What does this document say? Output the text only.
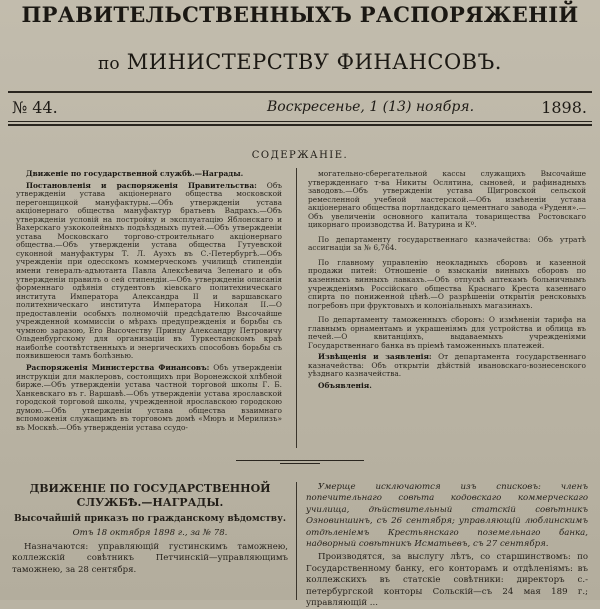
ПРАВИТЕЛЬСТВЕННЫХЪ РАСПОРЯЖЕНIЙ
по МИНИСТЕРСТВУ ФИНАНСОВЪ.
№ 44.	Воскресенье, 1 (13) ноября.	1898.
СОДЕРЖАНIЕ.

Движенiе по государственной службѣ.—Награды.

Постановленiя и распоряженiя Правительства: Объ утвержденiи устава акцiонернаго общества московской перегонщицкой мануфактуры.—Объ утвержденiи устава акцiонернаго общества мануфактур братьевъ Вадрахъ.—Объ утвержденiи условiй на постройку и эксплуатацiю Яблонскаго и Вахерскаго узкоколейныхъ подъѣздныхъ путей.—Объ утвержденiи устава Московскаго торгово-строительнаго акцiонернаго общества.—Объ утвержденiи устава общества Гутуевской суконной мануфактуры Т. Л. Ауэхъ въ С.-Петербургѣ.—Объ учрежденiи при одесскомъ коммерческомъ училищѣ стипендiи имени генералъ-адъютанта Павла Алексѣевича Зеленаго и объ утвержденiи правилъ о сей стипендiи.—Объ утвержденiи описанiя форменнаго одѣянiя студентовъ кiевскаго политехническаго института Императора Александра II и варшавскаго политехническаго института Императора Николая II.—О предоставленiи особыхъ полномочiй предсѣдателю Высочайше учрежденной коммиссiи о мѣрахъ предупрежденiя и борьбы съ чумною заразою, Его Высочеству Принцу Александру Петровичу Ольденбургскому для организацiи въ Туркестанскомъ краѣ наиболѣе соотвѣтственныхъ и энергическихъ способовъ борьбы съ появившеюся тамъ болѣзнью.

Распоряженiя Министерства Финансовъ: Объ утвержденiи инструкцiи для маклеровъ, состоящихъ при Воронежской хлѣбной бирже.—Объ утвержденiи устава частной торговой школы Г. Б. Ханкевскаго въ г. Варшавѣ.—Объ утвержденiи устава ярославской городской торговой школы, учрежденной ярославскою городскою думою.—Объ утвержденiи устава общества взаимнаго вспоможенiя служащимъ въ торговомъ домѣ «Мюръ и Мерилизъ» въ Москвѣ.—Объ утвержденiи устава ссудо-

могательно-сберегательной кассы служащихъ Высочайше утвержденнаго т-ва Никиты Ослятина, сыновей, и рафинадныхъ заводовъ.—Объ утвержденiи устава Щигровской сельской ремесленной учебной мастерской.—Объ измѣненiи устава акцiонернаго общества портландскаго цементнаго завода «Руденя».—Объ увеличенiи основного капитала товарищества Ростовскаго цикорнаго производства И. Ватурина и Кº.

По департаменту государственнаго казначейства: Объ утратѣ ассигнацiи за № 6,764.

По главному управленiю неокладныхъ сборовъ и казенной продажи питей: Отношенiе о взысканiи винныхъ сборовъ по казенныхъ винныхъ лавкахъ.—Объ отпускѣ аптекамъ больничнымъ учрежденiямъ Россiйскаго общества Краснаго Креста казеннаго спирта по пониженной цѣнѣ.—О разрѣшенiи открытiя ренсковыхъ погребовъ при фруктовыхъ и колонiальныхъ магазинахъ.

По департаменту таможенныхъ сборовъ: О измѣненiи тарифа на главнымъ орнаментамъ и украшенiямъ для устройства и облица въ печей.—О квитанцiяхъ, выдаваемыхъ учрежденiями Государственнаго банка въ прiемѣ таможенныхъ платежей.

Извѣщенiя и заявленiя: От департамента государственнаго казначейства: Объ открытiи дѣйствiй ивановскаго-вознесенского уѣзднаго казначейства.

Объявленiя.

ДВИЖЕНIЕ ПО ГОСУДАРСТВЕННОЙ СЛУЖБѢ.—НАГРАДЫ.

Высочайшiй приказъ по гражданскому вѣдомству.

Отъ 18 октября 1898 г., за № 78.

Назначаются: управляющiй густинскимъ таможнею, коллежскiй совѣтникъ Петчинскiй—управляющимъ таможнею, за 28 сентября.

Умерще исключаются изъ списковъ: членъ попечительнаго совѣта кодовскаго коммерческаго училища, дѣйствительный статскiй совѣтникъ Озновиншинъ, съ 26 сентября; управляющiй люблинскимъ отдѣленiемъ Крестьянскаго поземельнаго банка, надворный совѣтникъ Исматьевъ, съ 27 сентября.

Производятся, за выслугу лѣтъ, со старшинствомъ: по Государственному банку, его конторамъ и отдѣленiямъ: въ коллежскихъ въ статскiе совѣтники: директоръ с.-петербургской конторы Сольскiй—съ 24 мая 189 г.; управляющiй ...
